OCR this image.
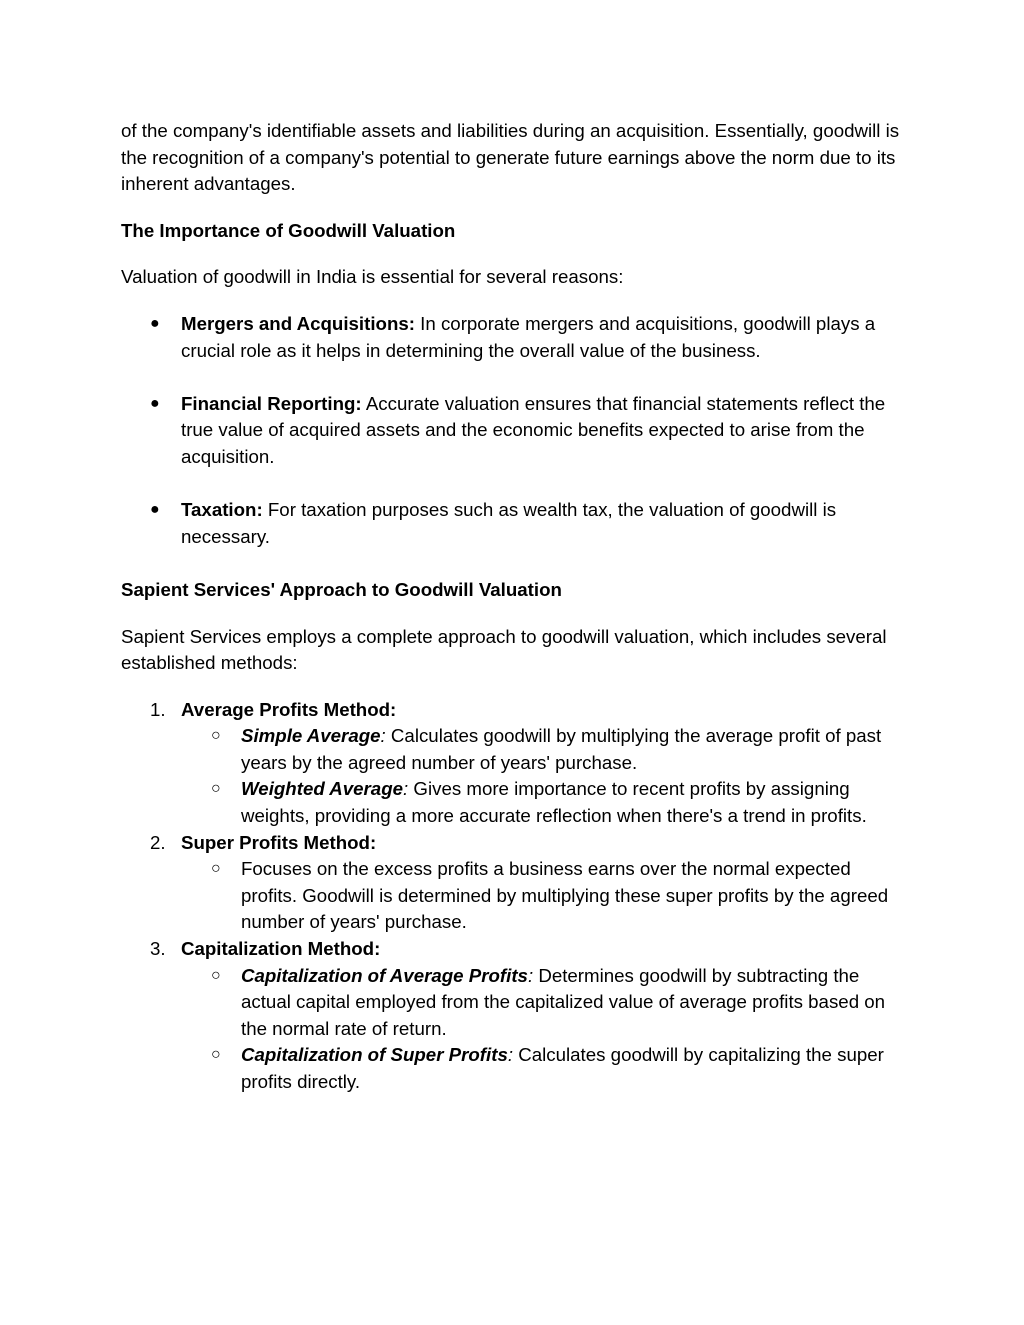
of the company's identifiable assets and liabilities during an acquisition. Essentially, goodwill is the recognition of a company's potential to generate future earnings above the norm due to its inherent advantages.

The Importance of Goodwill Valuation

Valuation of goodwill in India is essential for several reasons:

● Mergers and Acquisitions: In corporate mergers and acquisitions, goodwill plays a crucial role as it helps in determining the overall value of the business.
● Financial Reporting: Accurate valuation ensures that financial statements reflect the true value of acquired assets and the economic benefits expected to arise from the acquisition.
● Taxation: For taxation purposes such as wealth tax, the valuation of goodwill is necessary.

Sapient Services' Approach to Goodwill Valuation

Sapient Services employs a complete approach to goodwill valuation, which includes several established methods:

1. Average Profits Method:
○ Simple Average: Calculates goodwill by multiplying the average profit of past years by the agreed number of years' purchase.
○ Weighted Average: Gives more importance to recent profits by assigning weights, providing a more accurate reflection when there's a trend in profits.
2. Super Profits Method:
○ Focuses on the excess profits a business earns over the normal expected profits. Goodwill is determined by multiplying these super profits by the agreed number of years' purchase.
3. Capitalization Method:
○ Capitalization of Average Profits: Determines goodwill by subtracting the actual capital employed from the capitalized value of average profits based on the normal rate of return.
○ Capitalization of Super Profits: Calculates goodwill by capitalizing the super profits directly.
